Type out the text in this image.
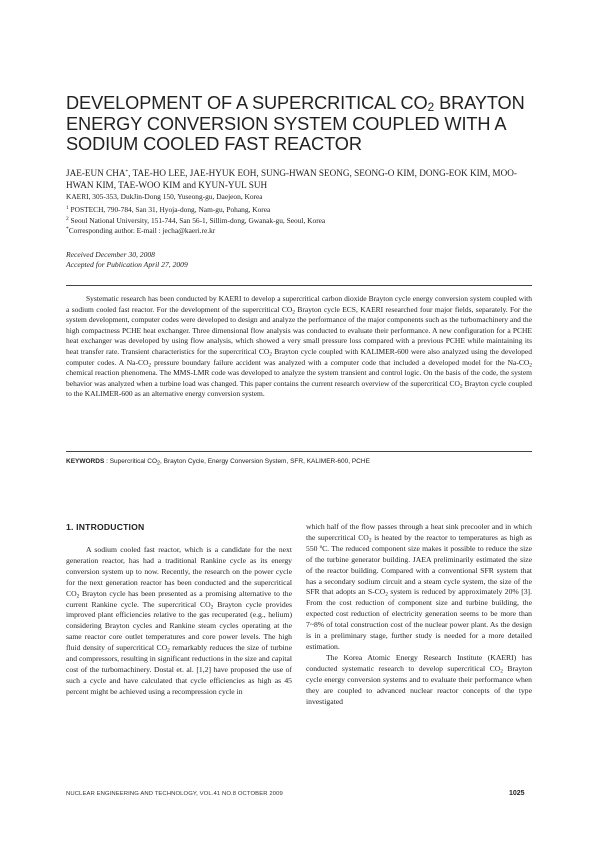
DEVELOPMENT OF A SUPERCRITICAL $CO_2$ BRAYTON
ENERGY CONVERSION SYSTEM COUPLED WITH A
SODIUM COOLED FAST REACTOR
JAE-EUN CHA*, TAE-HO LEE, JAE-HYUK EOH, SUNG-HWAN SEONG, SEONG-O KIM, DONG-EOK KIM, MOO-HWAN KIM, TAE-WOO KIM and KYUN-YUL SUH
KAERI, 305-353, DukJin-Dong 150, Yuseong-gu, Daejeon, Korea
$^1$ POSTECH, 790-784, San 31, Hyoja-dong, Nam-gu, Pohang, Korea
$^2$ Seoul National University, 151-744, San 56-1, Sillim-dong, Gwanak-gu, Seoul, Korea
*Corresponding author. E-mail : jecha@kaeri.re.kr
Received December 30, 2008
Accepted for Publication April 27, 2009
Systematic research has been conducted by KAERI to develop a supercritical carbon dioxide Brayton cycle energy conversion system coupled with a sodium cooled fast reactor. For the development of the supercritical $CO_2$ Brayton cycle ECS, KAERI researched four major fields, separately. For the system development, computer codes were developed to design and analyze the performance of the major components such as the turbomachinery and the high compactness PCHE heat exchanger. Three dimensional flow analysis was conducted to evaluate their performance. A new configuration for a PCHE heat exchanger was developed by using flow analysis, which showed a very small pressure loss compared with a previous PCHE while maintaining its heat transfer rate. Transient characteristics for the supercritical $CO_2$ Brayton cycle coupled with KALIMER-600 were also analyzed using the developed computer codes. A $Na-CO_2$ pressure boundary failure accident was analyzed with a computer code that included a developed model for the $Na-CO_2$ chemical reaction phenomena. The MMS-LMR code was developed to analyze the system transient and control logic. On the basis of the code, the system behavior was analyzed when a turbine load was changed. This paper contains the current research overview of the supercritical $CO_2$ Brayton cycle coupled to the KALIMER-600 as an alternative energy conversion system.
KEYWORDS : Supercritical $CO_2$, Brayton Cycle, Energy Conversion System, SFR, KALIMER-600, PCHE
1. INTRODUCTION

A sodium cooled fast reactor, which is a candidate for the next generation reactor, has had a traditional Rankine cycle as its energy conversion system up to now. Recently, the research on the power cycle for the next generation reactor has been conducted and the supercritical $CO_2$ Brayton cycle has been presented as a promising alternative to the current Rankine cycle. The supercritical $CO_2$ Brayton cycle provides improved plant efficiencies relative to the gas recuperated (e.g., helium) considering Brayton cycles and Rankine steam cycles operating at the same reactor core outlet temperatures and core power levels. The high fluid density of supercritical $CO_2$ remarkably reduces the size of turbine and compressors, resulting in significant reductions in the size and capital cost of the turbomachinery. Dostal et. al. [1,2] have proposed the use of such a cycle and have calculated that cycle efficiencies as high as 45 percent might be achieved using a recompression cycle in

which half of the flow passes through a heat sink precooler and in which the supercritical $CO_2$ is heated by the reactor to temperatures as high as 550 ºC. The reduced component size makes it possible to reduce the size of the turbine generator building. JAEA preliminarily estimated the size of the reactor building. Compared with a conventional SFR system that has a secondary sodium circuit and a steam cycle system, the size of the SFR that adopts an $S-CO_2$ system is reduced by approximately 20% [3]. From the cost reduction of component size and turbine building, the expected cost reduction of electricity generation seems to be more than 7~8% of total construction cost of the nuclear power plant. As the design is in a preliminary stage, further study is needed for a more detailed estimation.

The Korea Atomic Energy Research Institute (KAERI) has conducted systematic research to develop supercritical $CO_2$ Brayton cycle energy conversion systems and to evaluate their performance when they are coupled to advanced nuclear reactor concepts of the type investigated

NUCLEAR ENGINEERING AND TECHNOLOGY, VOL.41 NO.8 OCTOBER 2009	1025
